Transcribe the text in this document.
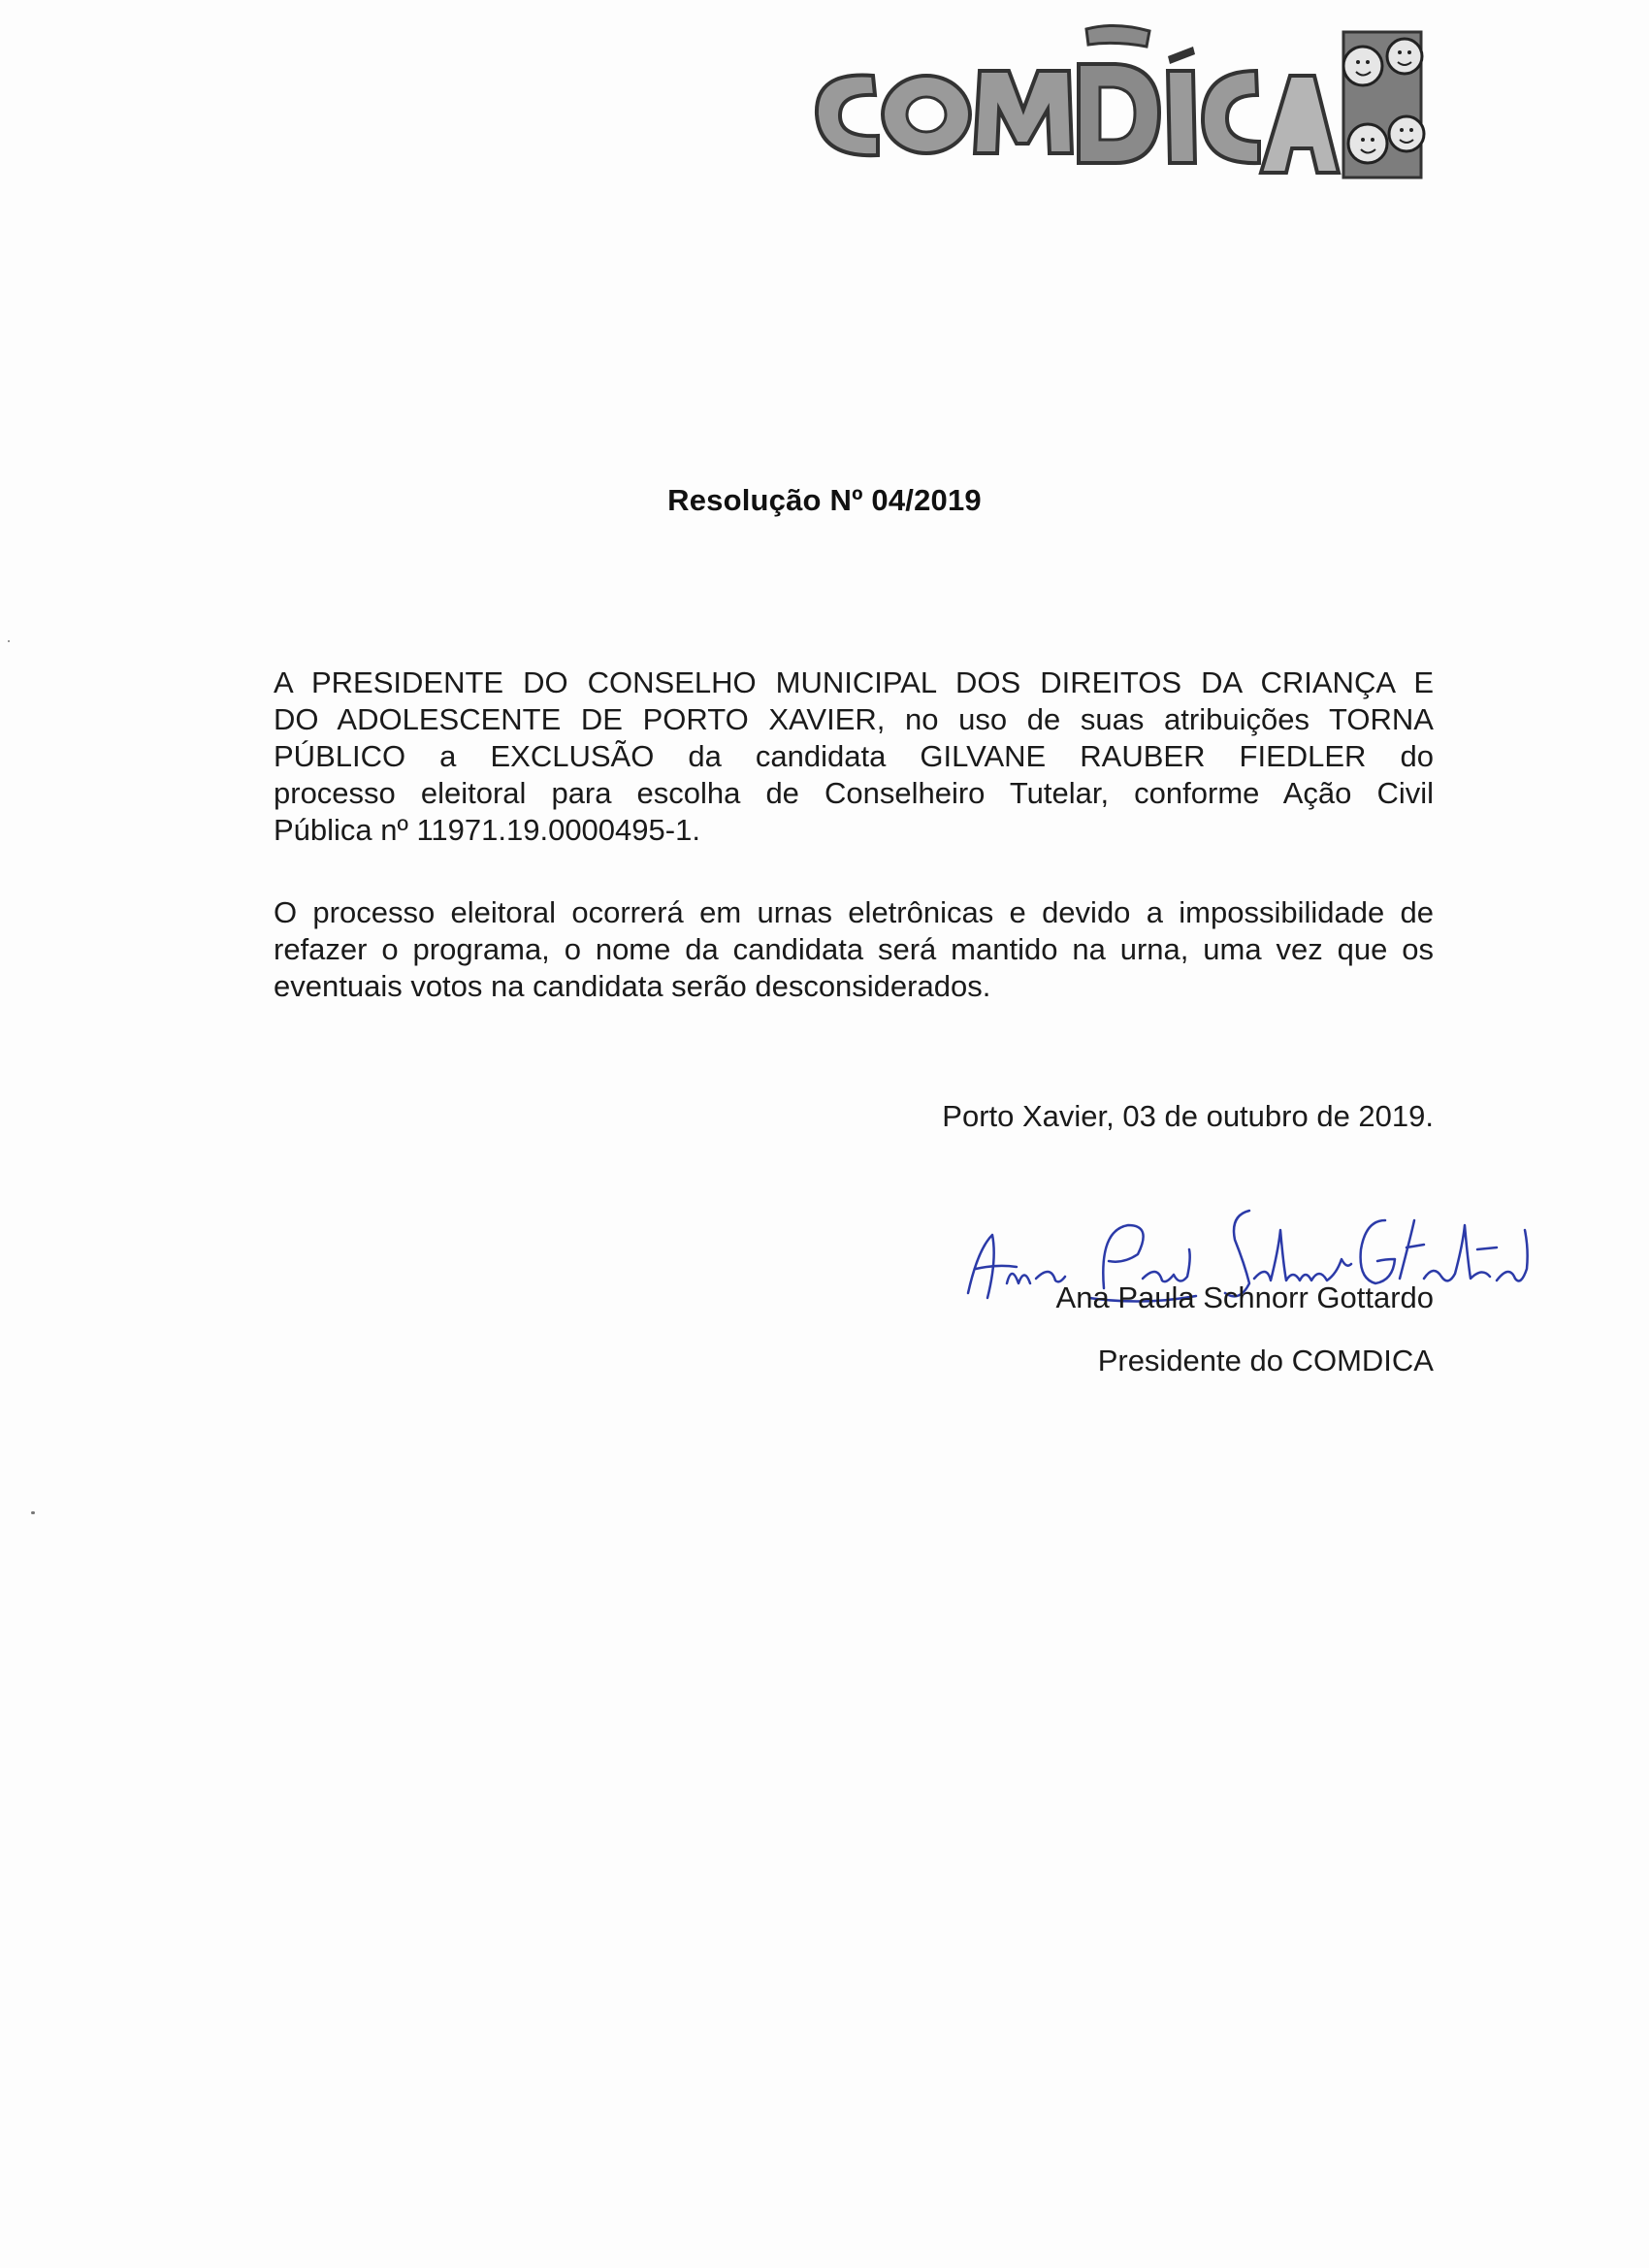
Resolução Nº 04/2019
A PRESIDENTE DO CONSELHO MUNICIPAL DOS DIREITOS DA CRIANÇA E
DO ADOLESCENTE DE PORTO XAVIER, no uso de suas atribuições TORNA
PÚBLICO a EXCLUSÃO da candidata GILVANE RAUBER FIEDLER do
processo eleitoral para escolha de Conselheiro Tutelar, conforme Ação Civil
Pública nº 11971.19.0000495-1.
O processo eleitoral ocorrerá em urnas eletrônicas e devido a impossibilidade de
refazer o programa, o nome da candidata será mantido na urna, uma vez que os
eventuais votos na candidata serão desconsiderados.
Porto Xavier, 03 de outubro de 2019.
Ana Paula Schnorr Gottardo
Presidente do COMDICA
